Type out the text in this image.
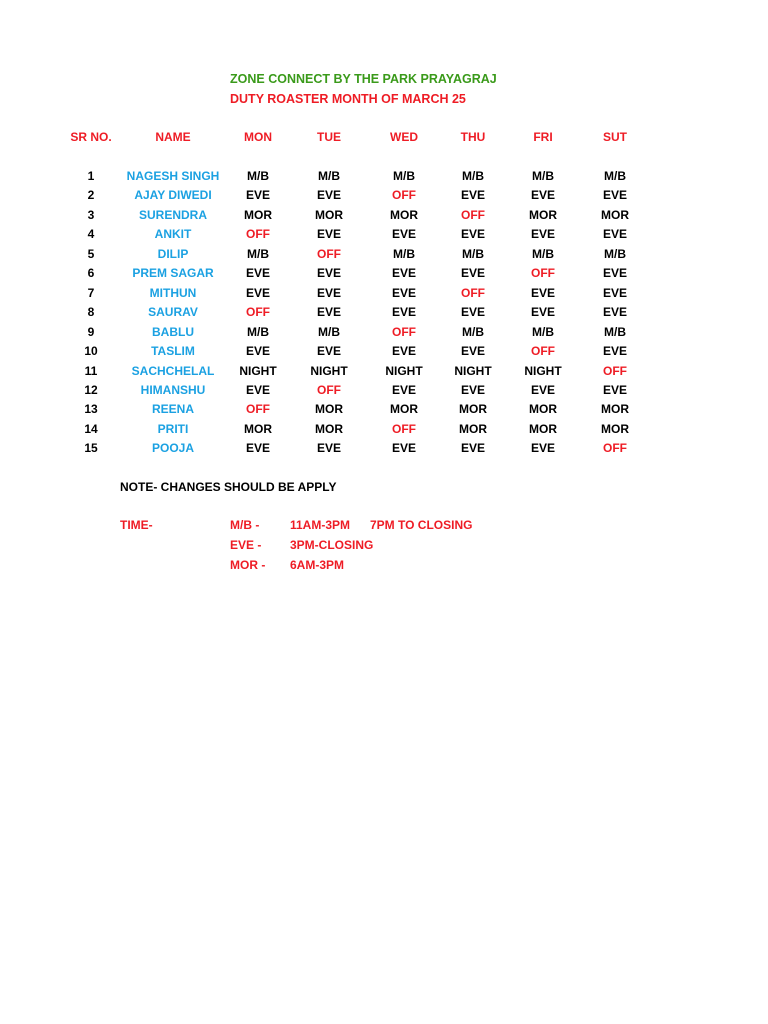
ZONE CONNECT BY THE PARK PRAYAGRAJ
DUTY ROASTER MONTH OF MARCH 25
SR NO.	NAME	MON	TUE	WED	THU	FRI	SUT
1	NAGESH SINGH	M/B	M/B	M/B	M/B	M/B	M/B
2	AJAY DIWEDI	EVE	EVE	OFF	EVE	EVE	EVE
3	SURENDRA	MOR	MOR	MOR	OFF	MOR	MOR
4	ANKIT	OFF	EVE	EVE	EVE	EVE	EVE
5	DILIP	M/B	OFF	M/B	M/B	M/B	M/B
6	PREM SAGAR	EVE	EVE	EVE	EVE	OFF	EVE
7	MITHUN	EVE	EVE	EVE	OFF	EVE	EVE
8	SAURAV	OFF	EVE	EVE	EVE	EVE	EVE
9	BABLU	M/B	M/B	OFF	M/B	M/B	M/B
10	TASLIM	EVE	EVE	EVE	EVE	OFF	EVE
11	SACHCHELAL	NIGHT	NIGHT	NIGHT	NIGHT	NIGHT	OFF
12	HIMANSHU	EVE	OFF	EVE	EVE	EVE	EVE
13	REENA	OFF	MOR	MOR	MOR	MOR	MOR
14	PRITI	MOR	MOR	OFF	MOR	MOR	MOR
15	POOJA	EVE	EVE	EVE	EVE	EVE	OFF
NOTE- CHANGES SHOULD BE APPLY
TIME-	M/B -	11AM-3PM 7PM TO CLOSING
EVE - 3PM-CLOSING
MOR - 6AM-3PM
